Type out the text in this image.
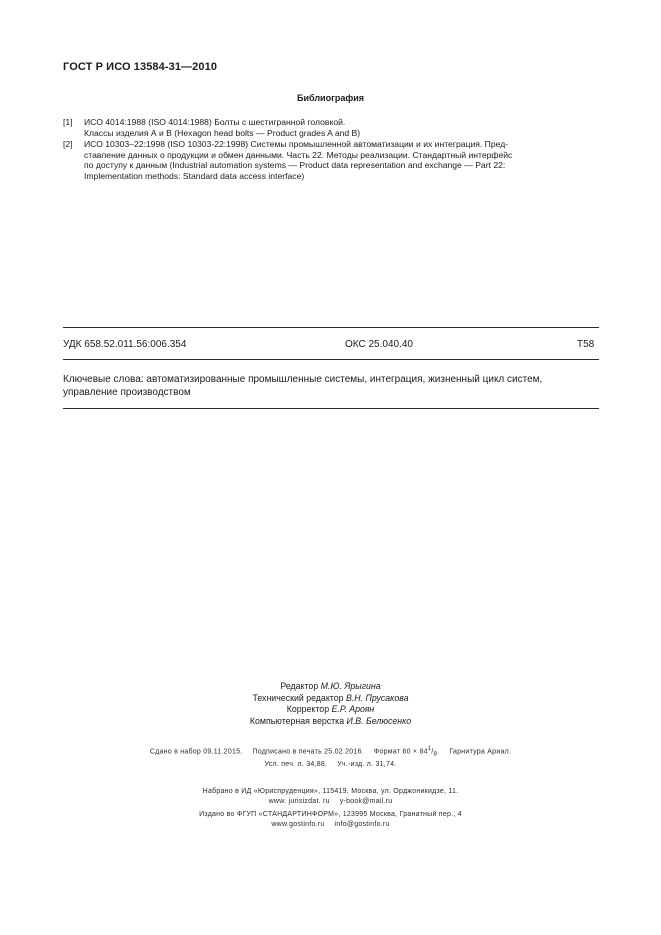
ГОСТ Р ИСО 13584-31—2010
Библиография
[1] ИСО 4014:1988 (ISO 4014:1988) Болты с шестигранной головкой.
Классы изделия А и В (Hexagon head bolts — Product grades A and B)
[2] ИСО 10303–22:1998 (ISO 10303-22:1998) Системы промышленной автоматизации и их интеграция. Пред-
ставление данных о продукции и обмен данными. Часть 22. Методы реализации. Стандартный интерфейс
по доступу к данным (Industrial automation systems — Product data representation and exchange — Part 22:
Implementation methods: Standard data access interface)
УДК 658.52.011.56:006.354	ОКС 25.040.40	Т58
Ключевые слова: автоматизированные промышленные системы, интеграция, жизненный цикл систем,
управление производством
Редактор М.Ю. Ярыгина
Технический редактор В.Н. Прусакова
Корректор Е.Р. Ароян
Компьютерная верстка И.В. Белюсенко
Сдано в набор 09.11.2015. Подписано в печать 25.02.2016. Формат $60 \times 84^1/_8$. Гарнитура Ариал.
Усл. печ. л. 34,88. Уч.-изд. л. 31,74.
Набрано в ИД «Юриспруденция», 115419, Москва, ул. Орджоникидзе, 11.
www. jurisizdat. ru y-book@mail.ru
Издано во ФГУП «СТАНДАРТИНФОРМ», 123995 Москва, Гранатный пер., 4
www.gostinfo.ru info@gostinfo.ru
